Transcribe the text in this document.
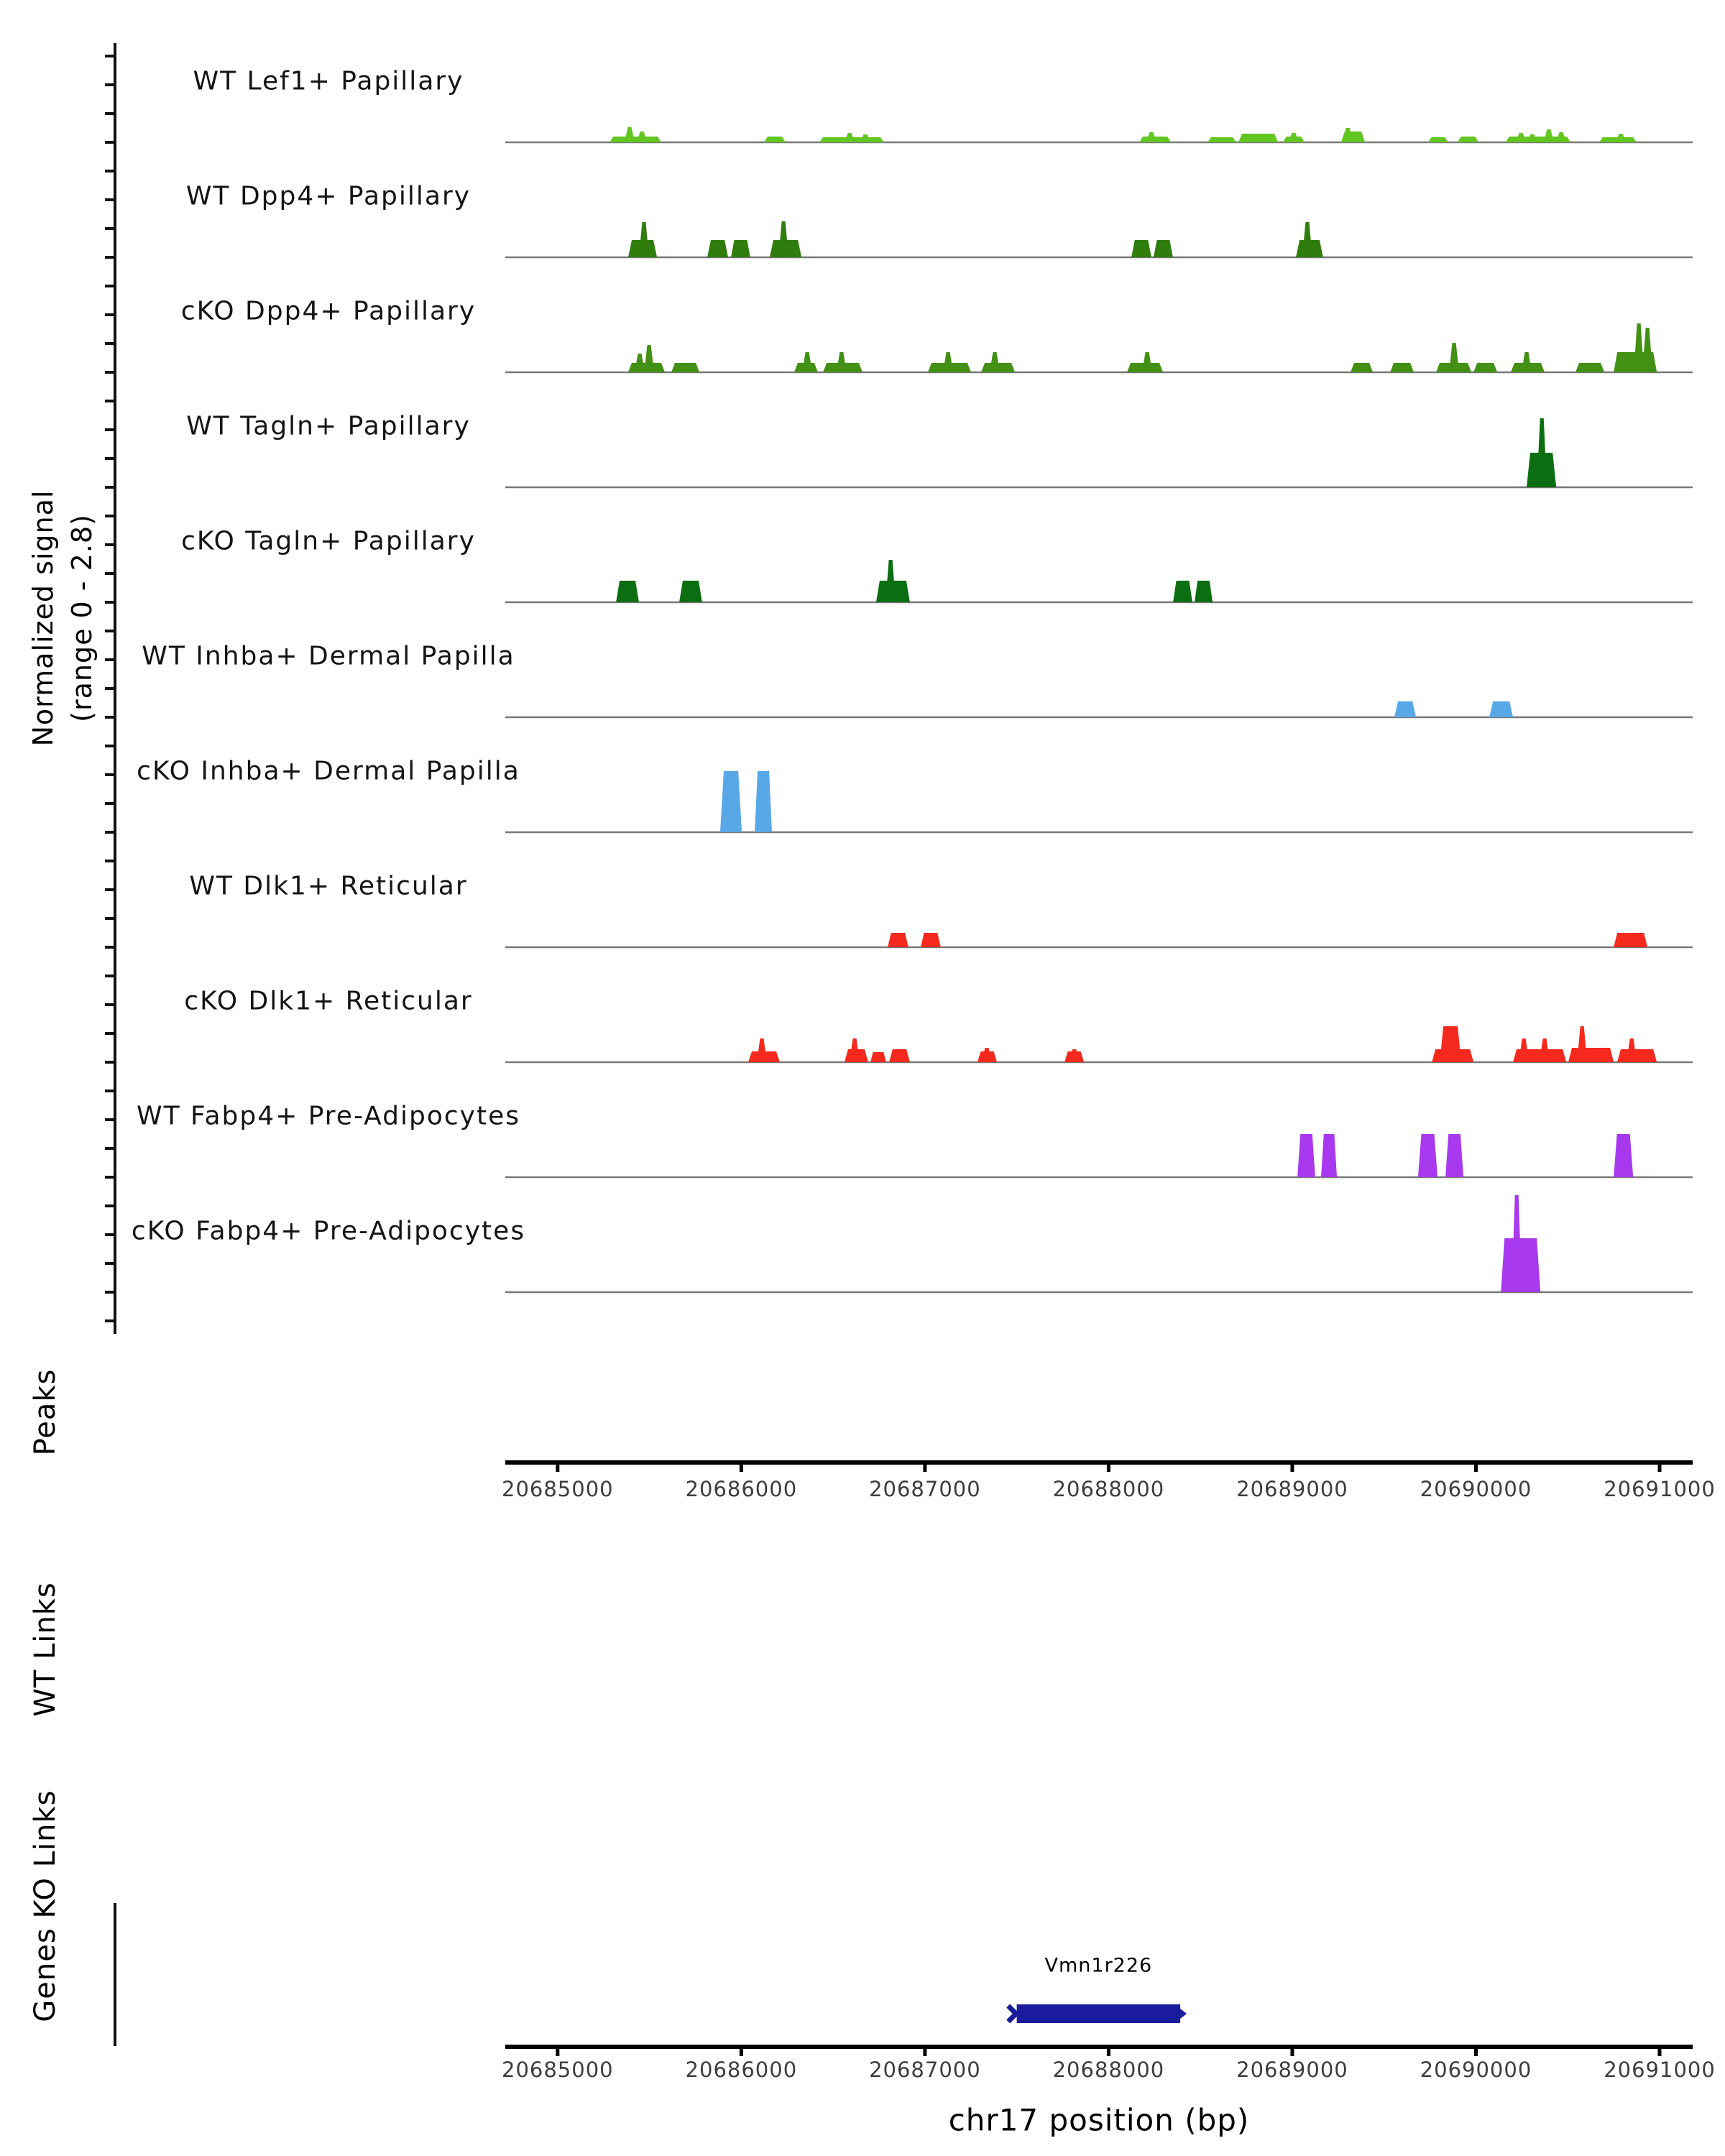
WT Lef1+ Papillary
WT Dpp4+ Papillary
cKO Dpp4+ Papillary
WT Tagln+ Papillary
cKO Tagln+ Papillary
WT Inhba+ Dermal Papilla
cKO Inhba+ Dermal Papilla
WT Dlk1+ Reticular
cKO Dlk1+ Reticular
WT Fabp4+ Pre-Adipocytes
cKO Fabp4+ Pre-Adipocytes
20685000	20686000	20687000	20688000	20689000	20690000	20691000
20685000	20686000	20687000	20688000	20689000	20690000	20691000
Vmn1r226
Normalized signal (range 0 - 2.8)
Peaks
WT Links
KO Links
Genes
chr17 position (bp)
